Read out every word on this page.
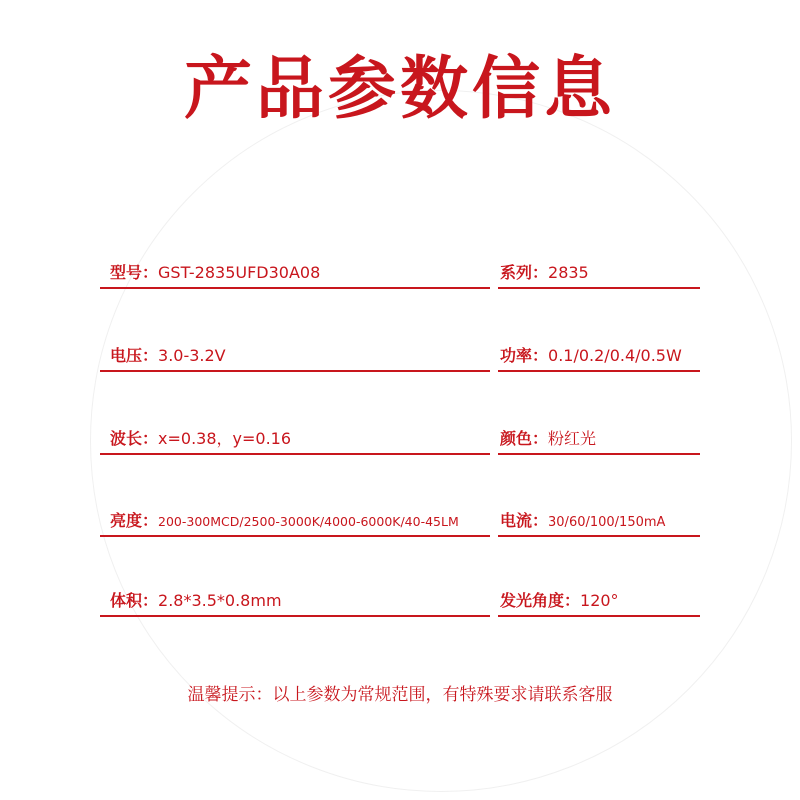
产品参数信息
型号：GST-2835UFD30A08	系列：2835
电压：3.0-3.2V	功率：0.1/0.2/0.4/0.5W
波长：x=0.38，y=0.16	颜色：粉红光
亮度：200-300MCD/2500-3000K/4000-6000K/40-45LM	电流：30/60/100/150mA
体积：2.8*3.5*0.8mm	发光角度：120°
温馨提示：以上参数为常规范围，有特殊要求请联系客服
